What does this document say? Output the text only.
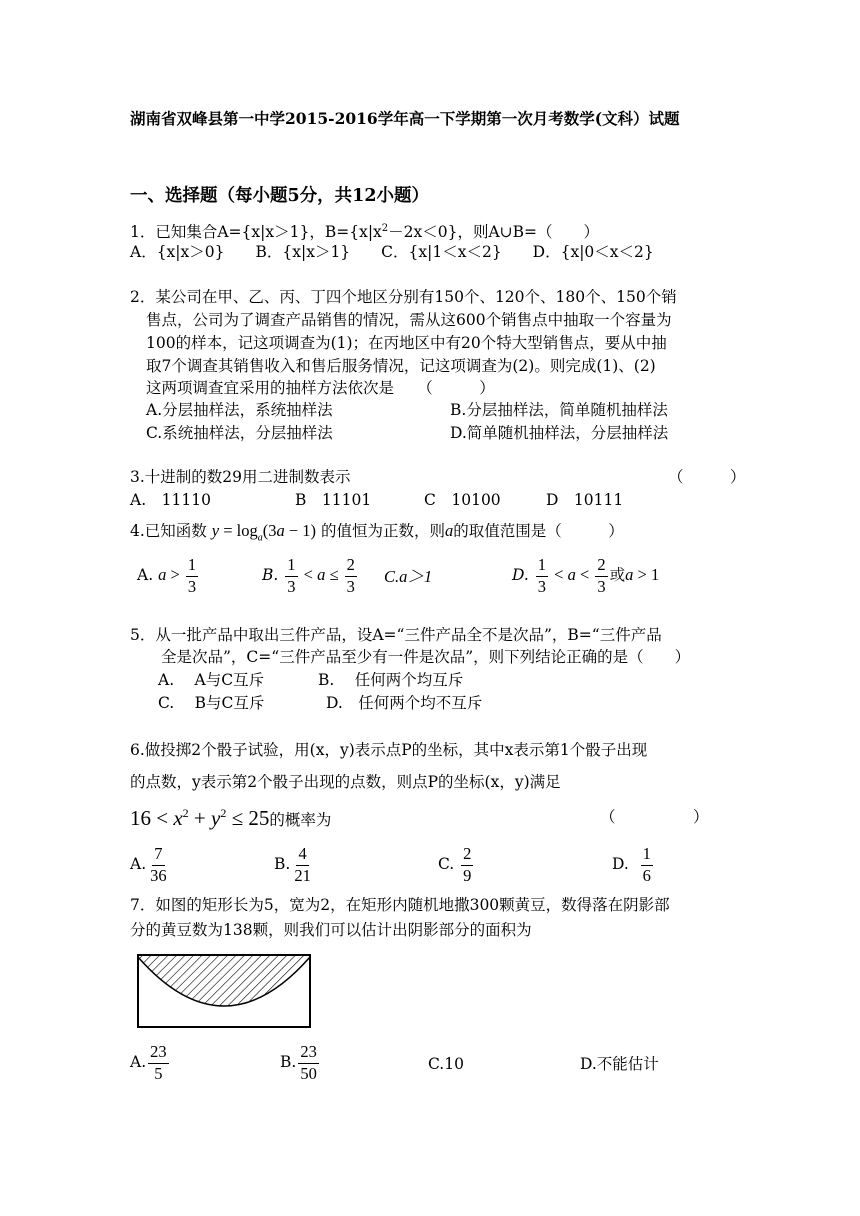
湖南省双峰县第一中学2015-2016学年高一下学期第一次月考数学(文科）试题
一、选择题（每小题5分，共12小题）
1．已知集合A={x|x＞1}，$B=\{x|x^2-2x<0\}$，则A∪B=（　　）
A．{x|x＞0}　　B．{x|x＞1}　　C．{x|1＜x＜2}　　D．{x|0＜x＜2}
2．某公司在甲、乙、丙、丁四个地区分别有150个、120个、180个、150个销
售点，公司为了调查产品销售的情况，需从这600个销售点中抽取一个容量为
100的样本，记这项调查为(1)；在丙地区中有20个特大型销售点，要从中抽
取7个调查其销售收入和售后服务情况，记这项调查为(2)。则完成(1)、(2)
这两项调查宜采用的抽样方法依次是　　（　　　）
A.分层抽样法，系统抽样法	B.分层抽样法，简单随机抽样法
C.系统抽样法，分层抽样法	D.简单随机抽样法，分层抽样法
3.十进制的数29用二进制数表示	（　　　）
A.　11110	B　11101	C　10100	D　10111
4.已知函数 $y = \log_a(3a - 1)$ 的值恒为正数，则a的取值范围是（　　　）
A. $a > \frac{1}{3}$	B. $\frac{1}{3} < a \le \frac{2}{3} C.a>1$	D. $\frac{1}{3} < a < \frac{2}{3}$ 或a > 1
5．从一批产品中取出三件产品，设A=“三件产品全不是次品”，B=“三件产品
全是次品”，C=“三件产品至少有一件是次品”，则下列结论正确的是（　　）
A.　 A与C互斥	B.　 任何两个均互斥
C.　 B与C互斥	D.　任何两个均不互斥
6.做投掷2个骰子试验，用(x，y)表示点P的坐标，其中x表示第1个骰子出现
的点数，y表示第2个骰子出现的点数，则点P的坐标(x，y)满足
$16 < x^2 + y^2 \le 25$的概率为	（　　　　　）
A. $\frac{7}{36}$	B. $\frac{4}{21}$	C. $\frac{2}{9}$	D. $\frac{1}{6}$
7．如图的矩形长为5，宽为2，在矩形内随机地撒300颗黄豆，数得落在阴影部
分的黄豆数为138颗，则我们可以估计出阴影部分的面积为
A. $\frac{23}{5}$	B. $\frac{23}{50}$	C.10	D.不能估计
